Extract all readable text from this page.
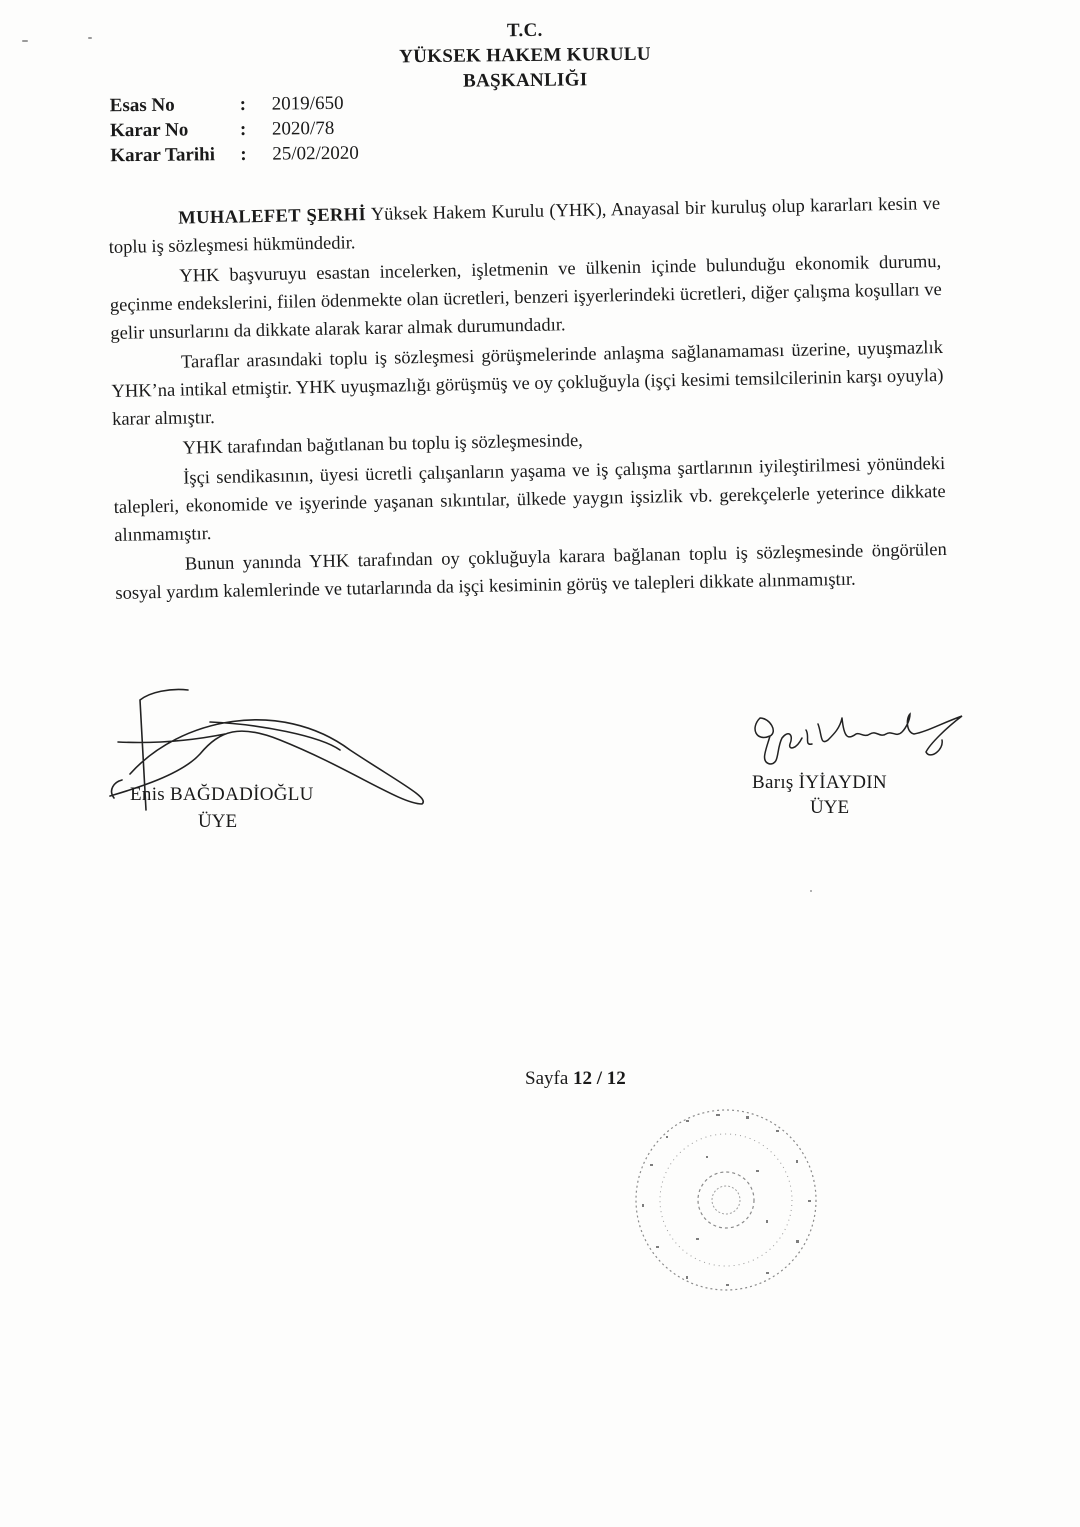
T.C.
YÜKSEK HAKEM KURULU
BAŞKANLIĞI
Esas No	:	2019/650
Karar No	:	2020/78
Karar Tarihi	:	25/02/2020

MUHALEFET ŞERHİ Yüksek Hakem Kurulu (YHK), Anayasal bir kuruluş olup kararları kesin ve toplu iş sözleşmesi hükmündedir.

YHK başvuruyu esastan incelerken, işletmenin ve ülkenin içinde bulunduğu ekonomik durumu, geçinme endekslerini, fiilen ödenmekte olan ücretleri, benzeri işyerlerindeki ücretleri, diğer çalışma koşulları ve gelir unsurlarını da dikkate alarak karar almak durumundadır.

Taraflar arasındaki toplu iş sözleşmesi görüşmelerinde anlaşma sağlanamaması üzerine, uyuşmazlık YHK’na intikal etmiştir. YHK uyuşmazlığı görüşmüş ve oy çokluğuyla (işçi kesimi temsilcilerinin karşı oyuyla) karar almıştır.

YHK tarafından bağıtlanan bu toplu iş sözleşmesinde,

İşçi sendikasının, üyesi ücretli çalışanların yaşama ve iş çalışma şartlarının iyileştirilmesi yönündeki talepleri, ekonomide ve işyerinde yaşanan sıkıntılar, ülkede yaygın işsizlik vb. gerekçelerle yeterince dikkate alınmamıştır.

Bunun yanında YHK tarafından oy çokluğuyla karara bağlanan toplu iş sözleşmesinde öngörülen sosyal yardım kalemlerinde ve tutarlarında da işçi kesiminin görüş ve talepleri dikkate alınmamıştır.

Enis BAĞDADİOĞLU
ÜYE
Barış İYİAYDIN
ÜYE
Sayfa 12 / 12
